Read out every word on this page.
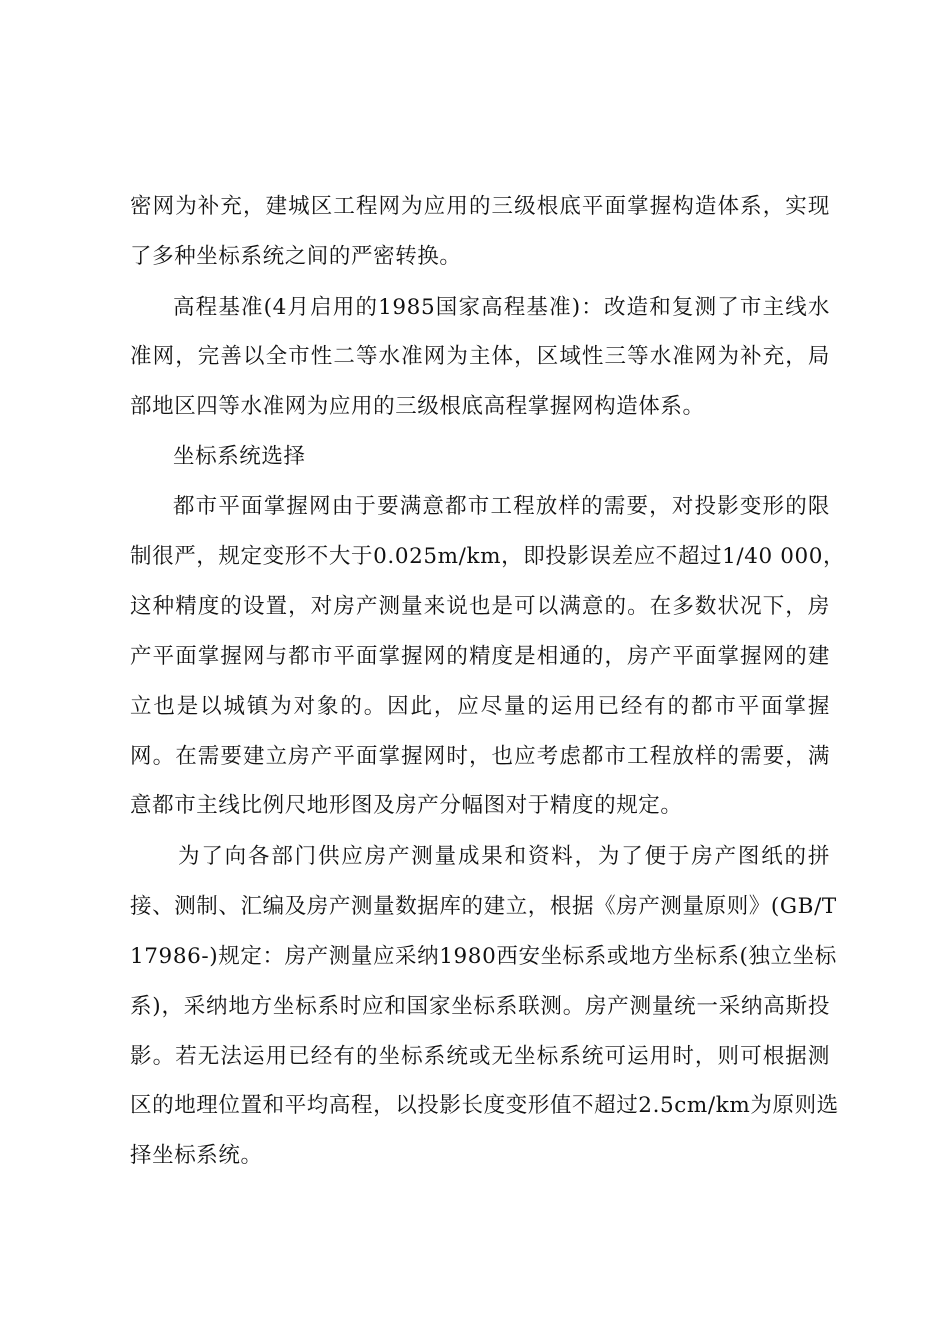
密网为补充，建城区工程网为应用的三级根底平面掌握构造体系，实现
了多种坐标系统之间的严密转换。
高程基准(4月启用的1985国家高程基准)：改造和复测了市主线水
准网，完善以全市性二等水准网为主体，区域性三等水准网为补充，局
部地区四等水准网为应用的三级根底高程掌握网构造体系。
坐标系统选择
都市平面掌握网由于要满意都市工程放样的需要，对投影变形的限
制很严，规定变形不大于0.025m/km，即投影误差应不超过1/40 000，
这种精度的设置，对房产测量来说也是可以满意的。在多数状况下，房
产平面掌握网与都市平面掌握网的精度是相通的，房产平面掌握网的建
立也是以城镇为对象的。因此，应尽量的运用已经有的都市平面掌握
网。在需要建立房产平面掌握网时，也应考虑都市工程放样的需要，满
意都市主线比例尺地形图及房产分幅图对于精度的规定。
为了向各部门供应房产测量成果和资料，为了便于房产图纸的拼
接、测制、汇编及房产测量数据库的建立，根据《房产测量原则》(GB/T
17986-)规定：房产测量应采纳1980西安坐标系或地方坐标系(独立坐标
系)，采纳地方坐标系时应和国家坐标系联测。房产测量统一采纳高斯投
影。若无法运用已经有的坐标系统或无坐标系统可运用时，则可根据测
区的地理位置和平均高程，以投影长度变形值不超过2.5cm/km为原则选
择坐标系统。
